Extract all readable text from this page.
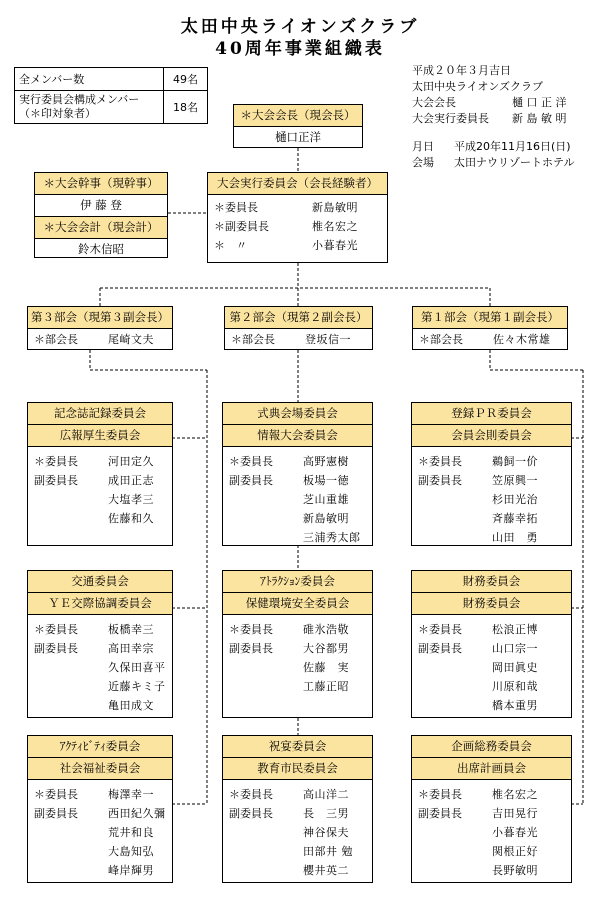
太田中央ライオンズクラブ
40周年事業組織表
全メンバー数	49名

実行委員会構成メンバー
（＊印対象者）	18名
平成２０年３月吉日
太田中央ライオンズクラブ
大会会長	樋 口 正 洋
大会実行委員長 新 島 敏 明
月日 平成20年11月16日(日)
会場 太田ナウリゾートホテル
＊大会会長（現会長）
樋口正洋
＊大会幹事（現幹事）
伊 藤 登
＊大会会計（現会計）
鈴木信昭
大会実行委員会（会長経験者）
＊委員長	新島敏明
＊副委員長	椎名宏之
＊　〃	小暮春光
第３部会（現第３副会長）
＊部会長	尾崎文夫
第２部会（現第２副会長）
＊部会長	登坂信一
第１部会（現第１副会長）
＊部会長	佐々木常雄
記念誌記録委員会
広報厚生委員会
＊委員長	河田定久
副委員長	成田正志
大塩孝三
佐藤和久
式典会場委員会
情報大会委員会
＊委員長	高野憲樹
副委員長	板場一徳
芝山重雄
新島敏明
三浦秀太郎
登録ＰＲ委員会
会員会則委員会
＊委員長	鵜飼一价
副委員長	笠原興一
杉田光治
斉藤幸拓
山田　勇
交通委員会
ＹＥ交際協調委員会
＊委員長	板橋幸三
副委員長	高田幸宗
久保田喜平
近藤キミ子
亀田成文
ｱﾄﾗｸｼｮﾝ委員会
保健環境安全委員会
＊委員長	碓氷浩敬
副委員長	大谷都男
佐藤　実
工藤正昭
財務委員会
財務委員会
＊委員長	松浪正博
副委員長	山口宗一
岡田眞史
川原和哉
橋本重男
ｱｸﾃｨﾋﾞﾃｨ委員会
社会福祉委員会
＊委員長	梅澤幸一
副委員長	西田紀久彌
荒井和良
大島知弘
峰岸輝男
祝宴委員会
教育市民委員会
＊委員長	高山洋二
副委員長	長　三男
神谷保夫
田部井 勉
櫻井英二
企画総務委員会
出席計画員会
＊委員長	椎名宏之
副委員長	吉田晃行
小暮春光
関根正好
長野敏明
